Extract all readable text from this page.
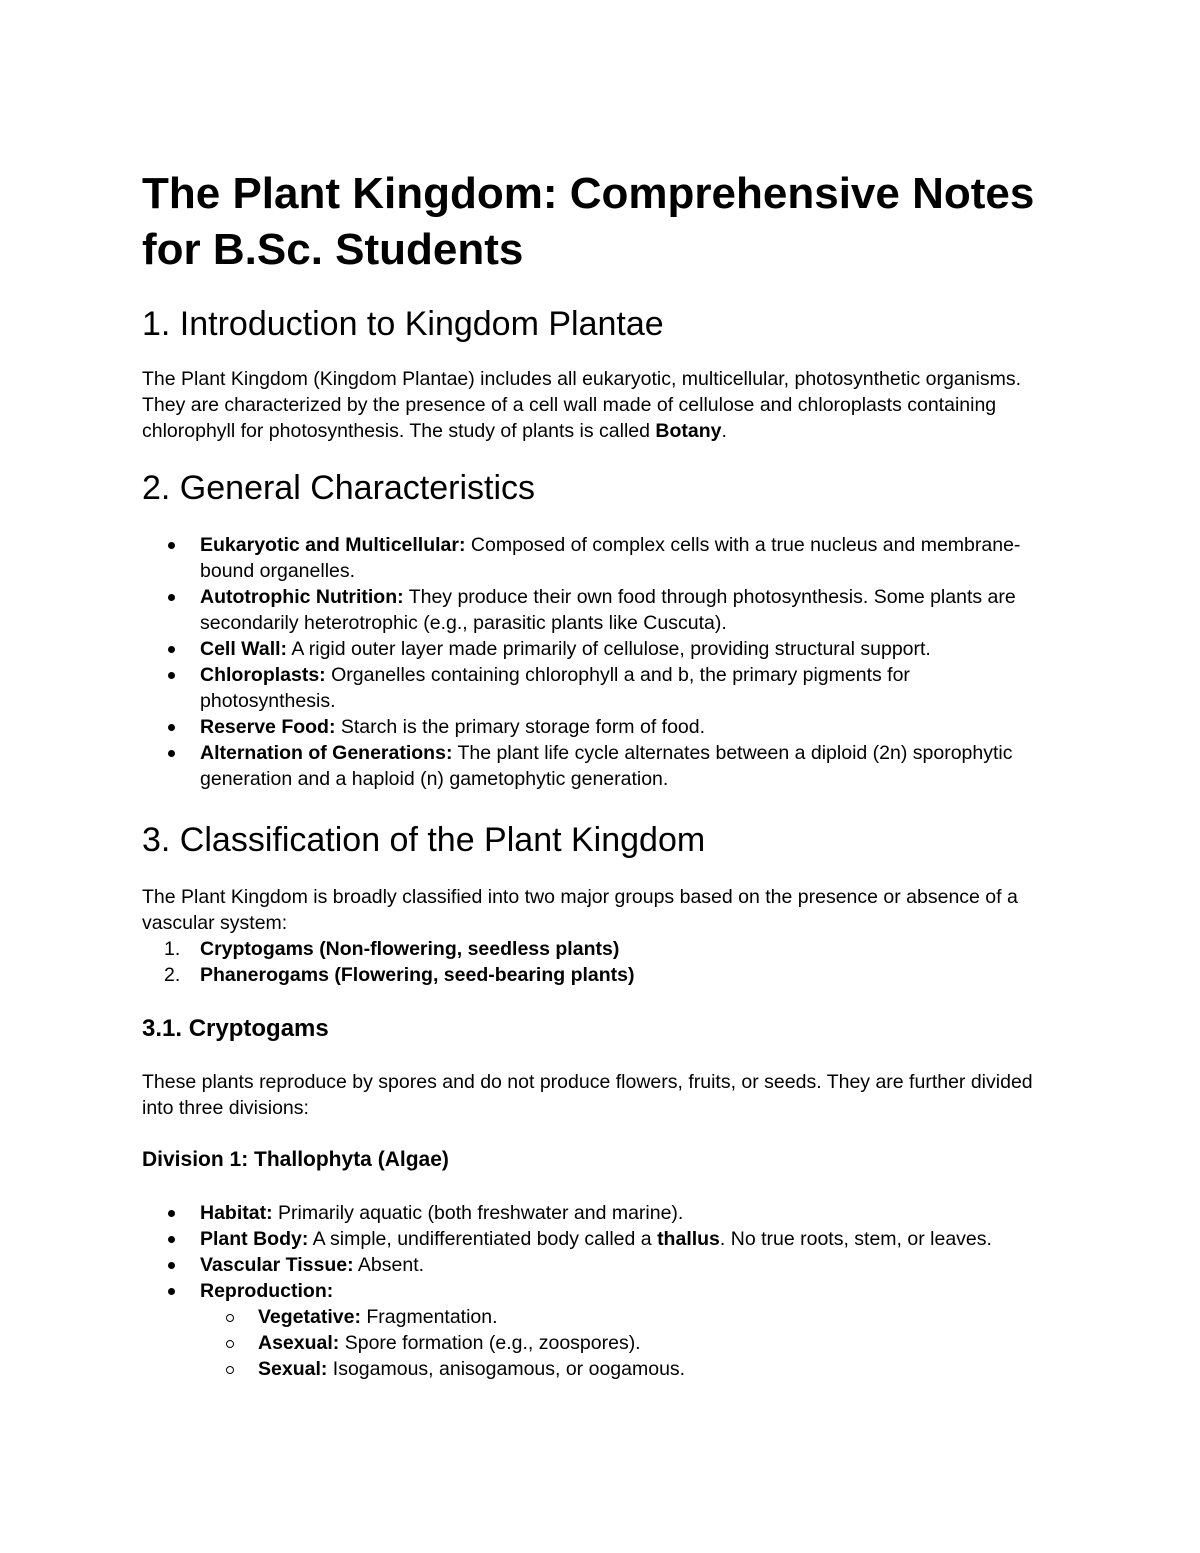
The Plant Kingdom: Comprehensive Notes for B.Sc. Students
1. Introduction to Kingdom Plantae

The Plant Kingdom (Kingdom Plantae) includes all eukaryotic, multicellular, photosynthetic organisms. They are characterized by the presence of a cell wall made of cellulose and chloroplasts containing chlorophyll for photosynthesis. The study of plants is called Botany.

2. General Characteristics
Eukaryotic and Multicellular: Composed of complex cells with a true nucleus and membrane-bound organelles.
Autotrophic Nutrition: They produce their own food through photosynthesis. Some plants are secondarily heterotrophic (e.g., parasitic plants like Cuscuta).
Cell Wall: A rigid outer layer made primarily of cellulose, providing structural support.
Chloroplasts: Organelles containing chlorophyll a and b, the primary pigments for photosynthesis.
Reserve Food: Starch is the primary storage form of food.
Alternation of Generations: The plant life cycle alternates between a diploid (2n) sporophytic generation and a haploid (n) gametophytic generation.
3. Classification of the Plant Kingdom

The Plant Kingdom is broadly classified into two major groups based on the presence or absence of a vascular system:

1. Cryptogams (Non-flowering, seedless plants)
2. Phanerogams (Flowering, seed-bearing plants)
3.1. Cryptogams

These plants reproduce by spores and do not produce flowers, fruits, or seeds. They are further divided into three divisions:

Division 1: Thallophyta (Algae)
Habitat: Primarily aquatic (both freshwater and marine).
Plant Body: A simple, undifferentiated body called a thallus. No true roots, stem, or leaves.
Vascular Tissue: Absent.
Reproduction:
Vegetative: Fragmentation.
Asexual: Spore formation (e.g., zoospores).
Sexual: Isogamous, anisogamous, or oogamous.
